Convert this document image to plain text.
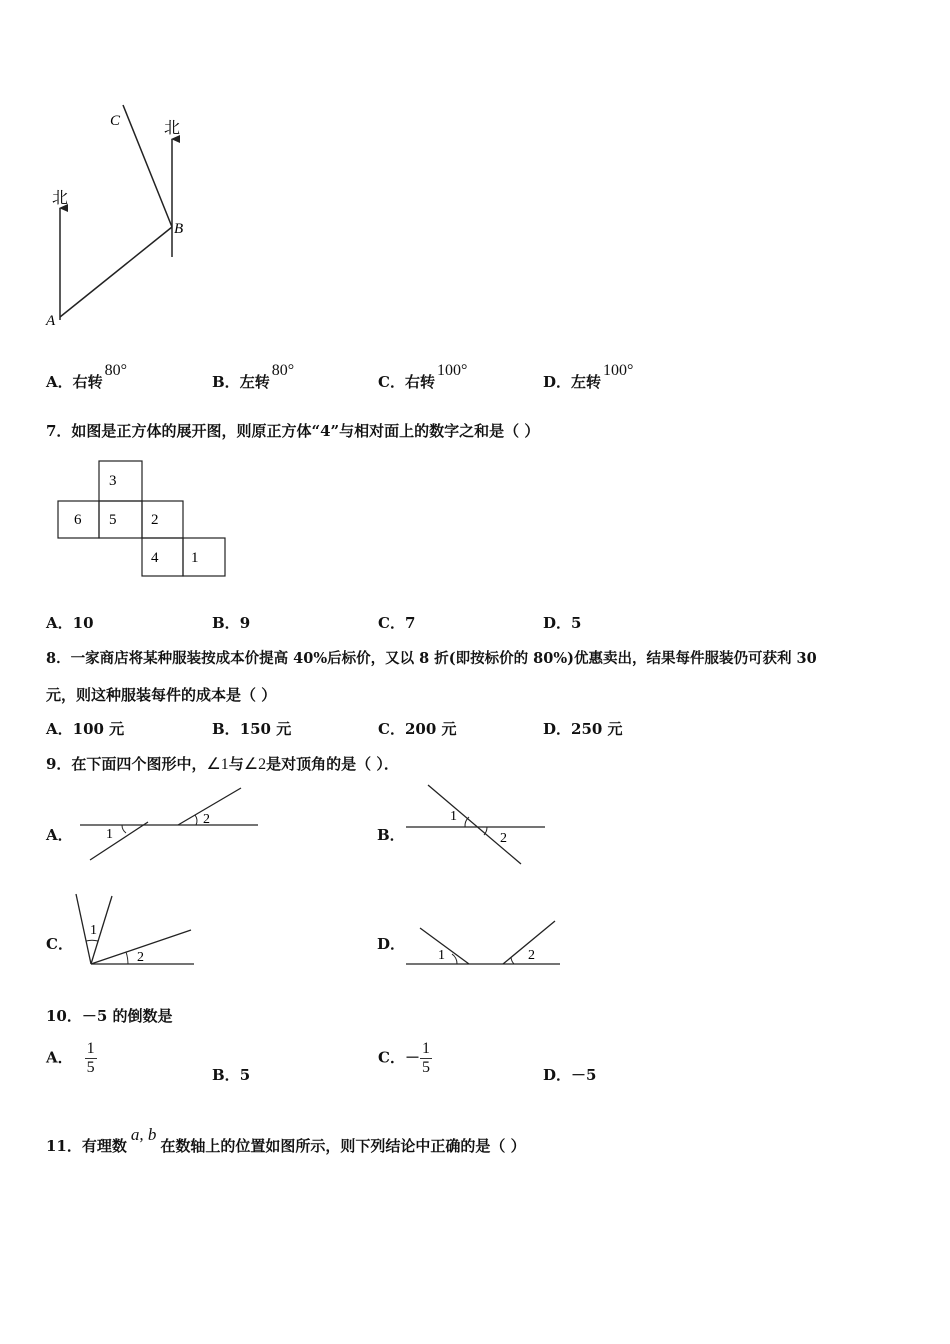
C
B
A
北
北
A．右转80°
B．左转80°
C．右转100°
D．左转100°
7．如图是正方体的展开图，则原正方体“4”与相对面上的数字之和是（ ）
3
6 5 2
4 1
A．10	B．9	C．7	D．5
8．一家商店将某种服装按成本价提高 40%后标价，又以 8 折(即按标价的 80%)优惠卖出，结果每件服装仍可获利 30
元，则这种服装每件的成本是（ ）
A．100 元	B．150 元	C．200 元	D．250 元
9．在下面四个图形中，∠1与∠2是对顶角的是（ ）．
A． 1
2
B．
1
2
C．
1
2
D．
1	2
10．－5 的倒数是
A． $\frac{1}{5}$	B．5
C．－ $\frac{1}{5}$	D．－5
11．有理数a, b在数轴上的位置如图所示，则下列结论中正确的是（ ）
